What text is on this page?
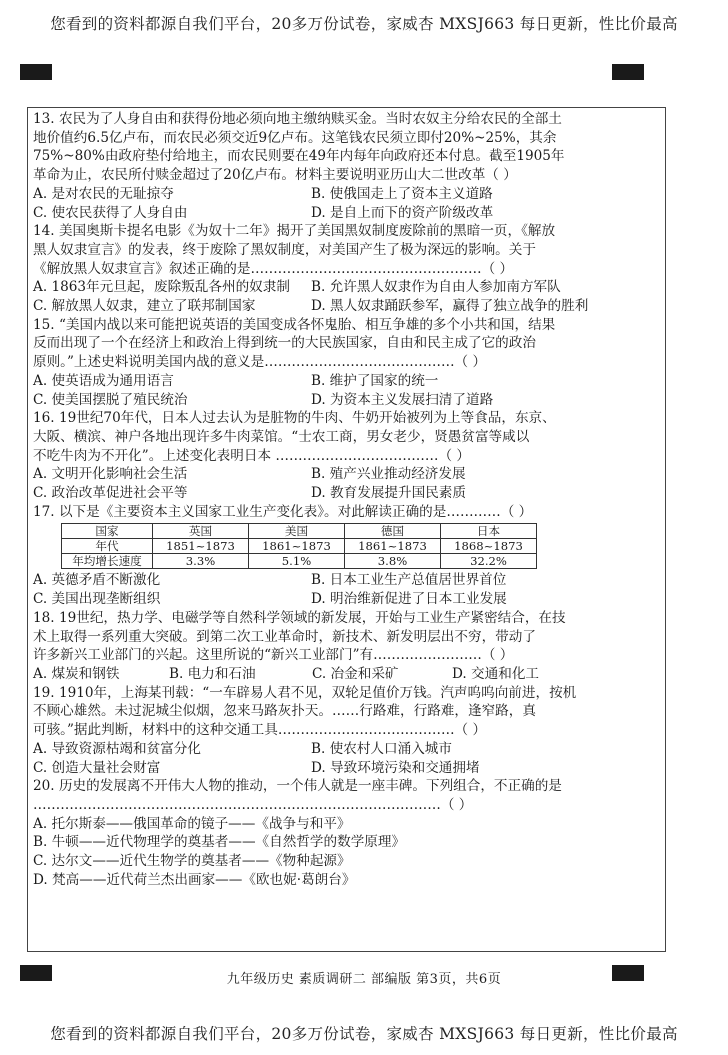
您看到的资料都源自我们平台，20多万份试卷，家威杏 MXSJ663 每日更新，性比价最高
13. 农民为了人身自由和获得份地必须向地主缴纳赎买金。当时农奴主分给农民的全部土
地价值约6.5亿卢布，而农民必须交近9亿卢布。这笔钱农民须立即付20%~25%，其余
75%~80%由政府垫付给地主，而农民则要在49年内每年向政府还本付息。截至1905年
革命为止，农民所付赎金超过了20亿卢布。材料主要说明亚历山大二世改革（ ）
A. 是对农民的无耻掠夺	B. 使俄国走上了资本主义道路
C. 使农民获得了人身自由	D. 是自上而下的资产阶级改革
14. 美国奥斯卡提名电影《为奴十二年》揭开了美国黑奴制度废除前的黑暗一页，《解放
黑人奴隶宣言》的发表，终于废除了黑奴制度，对美国产生了极为深远的影响。关于
《解放黑人奴隶宣言》叙述正确的是……………………………………………（ ）
A. 1863年元旦起，废除叛乱各州的奴隶制	B. 允许黑人奴隶作为自由人参加南方军队
C. 解放黑人奴隶，建立了联邦制国家	D. 黑人奴隶踊跃参军，赢得了独立战争的胜利
15. “美国内战以来可能把说英语的美国变成各怀鬼胎、相互争雄的多个小共和国，结果
反而出现了一个在经济上和政治上得到统一的大民族国家，自由和民主成了它的政治
原则。”上述史料说明美国内战的意义是……………………………………（ ）
A. 使英语成为通用语言	B. 维护了国家的统一
C. 使美国摆脱了殖民统治	D. 为资本主义发展扫清了道路
16. 19世纪70年代，日本人过去认为是脏物的牛肉、牛奶开始被列为上等食品，东京、
大阪、横滨、神户各地出现许多牛肉菜馆。“士农工商，男女老少，贤愚贫富等咸以
不吃牛肉为不开化”。上述变化表明日本 ………………………………（ ）
A. 文明开化影响社会生活	B. 殖产兴业推动经济发展
C. 政治改革促进社会平等	D. 教育发展提升国民素质
17. 以下是《主要资本主义国家工业生产变化表》。对此解读正确的是…………（ ）
国家	英国	美国	德国	日本
年代	1851~1873	1861~1873	1861~1873	1868~1873
年均增长速度	3.3%	5.1%	3.8%	32.2%
A. 英德矛盾不断激化	B. 日本工业生产总值居世界首位
C. 美国出现垄断组织	D. 明治维新促进了日本工业发展
18. 19世纪，热力学、电磁学等自然科学领域的新发展，开始与工业生产紧密结合，在技
术上取得一系列重大突破。到第二次工业革命时，新技术、新发明层出不穷，带动了
许多新兴工业部门的兴起。这里所说的“新兴工业部门”有……………………（ ）
A. 煤炭和钢铁	B. 电力和石油	C. 冶金和采矿	D. 交通和化工
19. 1910年，上海某刊载：“一车辟易人君不见，双轮足值价万钱。汽声呜呜向前进，按机
不顾心雄然。未过泥城尘似烟，忽来马路灰扑天。……行路难，行路难，逢窄路，真
可骇。”据此判断，材料中的这种交通工具…………………………………（ ）
A. 导致资源枯竭和贫富分化	B. 使农村人口涌入城市
C. 创造大量社会财富	D. 导致环境污染和交通拥堵
20. 历史的发展离不开伟大人物的推动，一个伟人就是一座丰碑。下列组合，不正确的是
………………………………………………………………………………（ ）
A. 托尔斯泰——俄国革命的镜子——《战争与和平》
B. 牛顿——近代物理学的奠基者——《自然哲学的数学原理》
C. 达尔文——近代生物学的奠基者——《物种起源》
D. 梵高——近代荷兰杰出画家——《欧也妮·葛朗台》
九年级历史 素质调研二 部编版 第3页，共6页
您看到的资料都源自我们平台，20多万份试卷，家威杏 MXSJ663 每日更新，性比价最高
